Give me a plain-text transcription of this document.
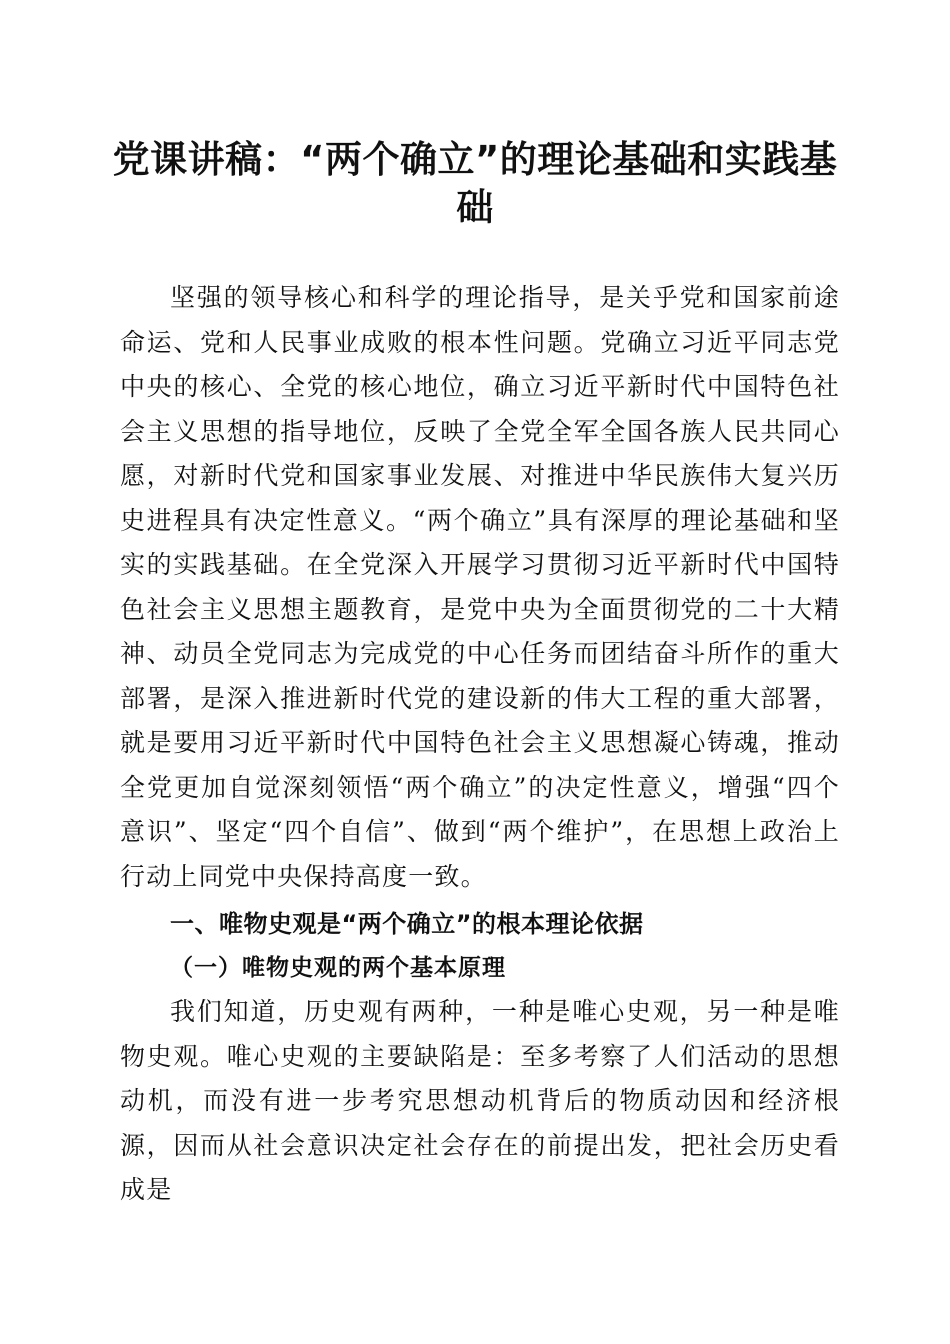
党课讲稿：“两个确立”的理论基础和实践基
础

坚强的领导核心和科学的理论指导，是关乎党和国家前途命运、党和人民事业成败的根本性问题。党确立习近平同志党中央的核心、全党的核心地位，确立习近平新时代中国特色社会主义思想的指导地位，反映了全党全军全国各族人民共同心愿，对新时代党和国家事业发展、对推进中华民族伟大复兴历史进程具有决定性意义。“两个确立”具有深厚的理论基础和坚实的实践基础。在全党深入开展学习贯彻习近平新时代中国特色社会主义思想主题教育，是党中央为全面贯彻党的二十大精神、动员全党同志为完成党的中心任务而团结奋斗所作的重大部署，是深入推进新时代党的建设新的伟大工程的重大部署，就是要用习近平新时代中国特色社会主义思想凝心铸魂，推动全党更加自觉深刻领悟“两个确立”的决定性意义，增强“四个意识”、坚定“四个自信”、做到“两个维护”，在思想上政治上行动上同党中央保持高度一致。

一、唯物史观是“两个确立”的根本理论依据
（一）唯物史观的两个基本原理

我们知道，历史观有两种，一种是唯心史观，另一种是唯物史观。唯心史观的主要缺陷是：至多考察了人们活动的思想动机，而没有进一步考究思想动机背后的物质动因和经济根源，因而从社会意识决定社会存在的前提出发，把社会历史看成是
